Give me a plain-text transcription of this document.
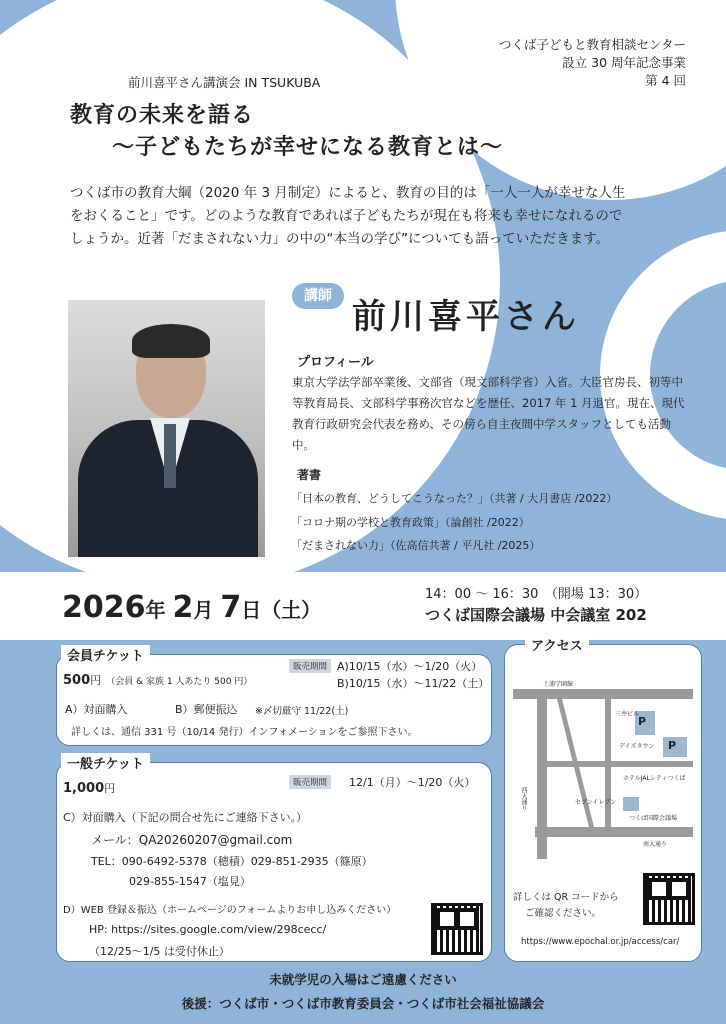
つくば子どもと教育相談センター
設立 30 周年記念事業
第 4 回
前川喜平さん講演会 IN TSUKUBA
教育の未来を語る
～子どもたちが幸せになる教育とは～
つくば市の教育大綱（2020 年 3 月制定）によると、教育の目的は「一人一人が幸せな人生をおくること」です。どのような教育であれば子どもたちが現在も将来も幸せになれるのでしょうか。近著「だまされない力」の中の“本当の学び”についても語っていただきます。
講師
前川喜平さん
プロフィール
東京大学法学部卒業後、文部省（現文部科学省）入省。大臣官房長、初等中等教育局長、文部科学事務次官などを歴任、2017 年 1 月退官。現在、現代教育行政研究会代表を務め、その傍ら自主夜間中学スタッフとしても活動中。
著書
「日本の教育、どうしてこうなった？」（共著 / 大月書店 /2022）
「コロナ期の学校と教育政策」（論創社 /2022）
「だまされない力」（佐高信共著 / 平凡社 /2025）
2026年 2月 7日（土）
14：00 ～ 16：30　（開場 13：30）
つくば国際会議場 中会議室 202
会員チケット
500円 （会員 & 家族 1 人あたり 500 円）
販売期間 A)10/15（水）～1/20（火）
B)10/15（水）～11/22（土）
A）対面購入	B）郵便振込 ※〆切厳守 11/22(土)
詳しくは、通信 331 号（10/14 発行）インフォメーションをご参照下さい。
一般チケット
1,000円	販売期間	12/1（月）～1/20（火）
C）対面購入（下記の問合せ先にご連絡下さい。）
メール：QA20260207@gmail.com
TEL：090-6492-5378（穂積）029-851-2935（篠原）
029-855-1547（塩見）
D）WEB 登録＆振込（ホームページのフォームよりお申し込みください）
HP: https://sites.google.com/view/298cecc/
（12/25～1/5 は受付休止）
アクセス
P
P
土浦学園線
三井ビル
デイズタウン
ホテルJALシティつくば
セブンイレブン
つくば国際会議場
西大通り
南大通り
詳しくは QR コードから
ご確認ください。
https://www.epochal.or.jp/access/car/
未就学児の入場はご遠慮ください
後援：つくば市・つくば市教育委員会・つくば市社会福祉協議会
